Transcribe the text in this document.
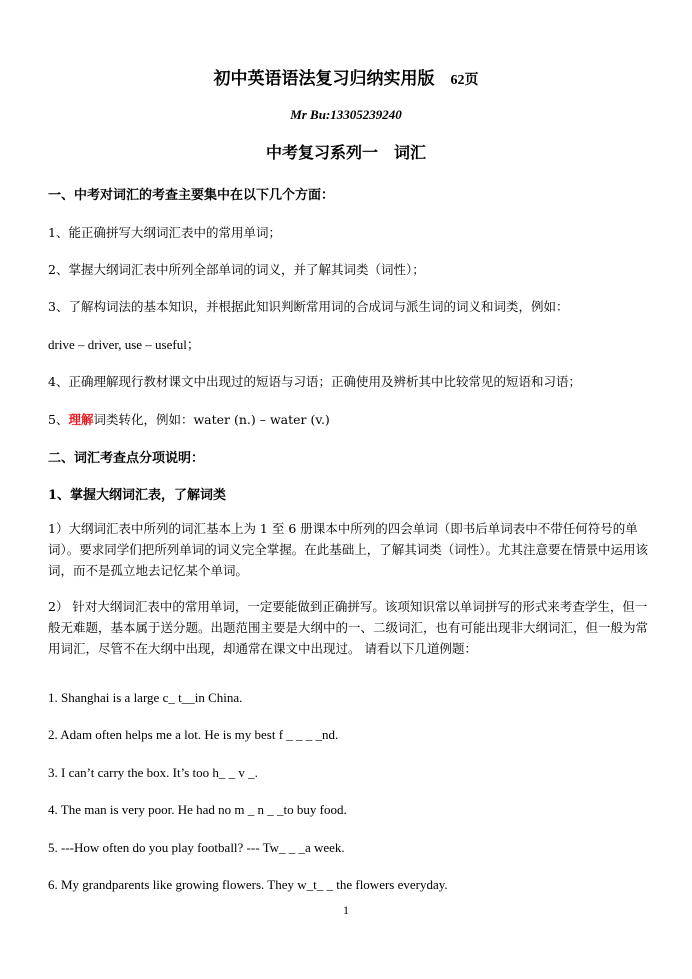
初中英语语法复习归纳实用版 62页
Mr Bu:13305239240
中考复习系列一　词汇
一、中考对词汇的考查主要集中在以下几个方面：
1、能正确拼写大纲词汇表中的常用单词；
2、掌握大纲词汇表中所列全部单词的词义，并了解其词类（词性）；
3、了解构词法的基本知识，并根据此知识判断常用词的合成词与派生词的词义和词类，例如：
drive – driver, use – useful；
4、正确理解现行教材课文中出现过的短语与习语；正确使用及辨析其中比较常见的短语和习语；
5、理解词类转化，例如：water (n.) – water (v.)
二、词汇考查点分项说明：
1、掌握大纲词汇表，了解词类
1）大纲词汇表中所列的词汇基本上为 1 至 6 册课本中所列的四会单词（即书后单词表中不带任何符号的单词）。要求同学们把所列单词的词义完全掌握。在此基础上，了解其词类（词性）。尤其注意要在情景中运用该词，而不是孤立地去记忆某个单词。
2） 针对大纲词汇表中的常用单词，一定要能做到正确拼写。该项知识常以单词拼写的形式来考查学生，但一般无难题，基本属于送分题。出题范围主要是大纲中的一、二级词汇，也有可能出现非大纲词汇，但一般为常用词汇，尽管不在大纲中出现，却通常在课文中出现过。 请看以下几道例题：
1. Shanghai is a large c_ t__in China.
2. Adam often helps me a lot. He is my best f _ _ _ _nd.
3. I can’t carry the box. It’s too h_ _ v _.
4. The man is very poor. He had no m _ n _ _to buy food.
5. ---How often do you play football? --- Tw_ _ _a week.
6. My grandparents like growing flowers. They w_t_ _ the flowers everyday.
1
